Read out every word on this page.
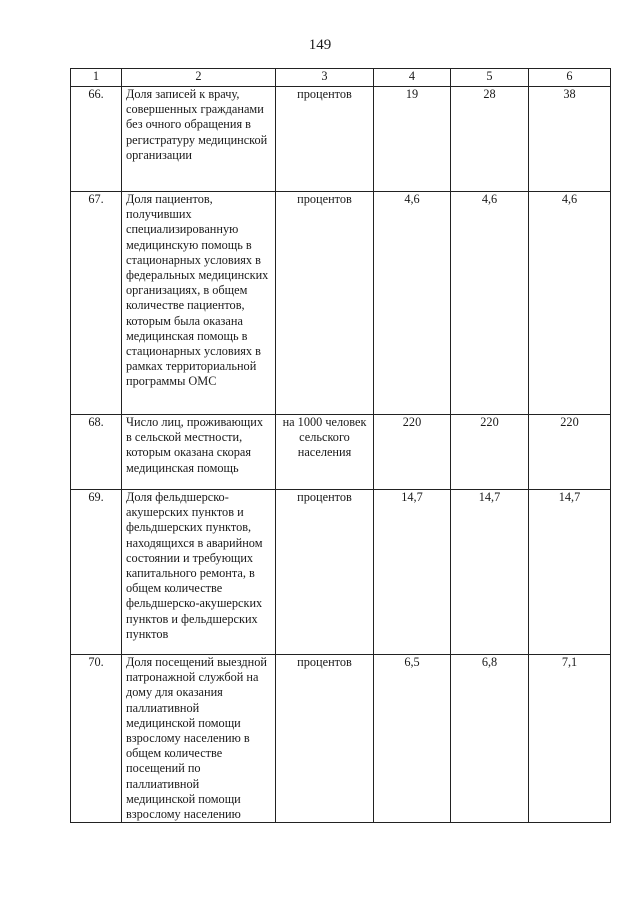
149
1	2	3	4	5	6
66.	Доля записей к врачу, совершенных гражданами без очного обращения в регистратуру медицинской организации	процентов	19	28	38
67.	Доля пациентов, получивших специализированную медицинскую помощь в стационарных условиях в федеральных медицинских организациях, в общем количестве пациентов, которым была оказана медицинская помощь в стационарных условиях в рамках территориальной программы ОМС	процентов	4,6	4,6	4,6
68.	Число лиц, проживающих в сельской местности, которым оказана скорая медицинская помощь	на 1000 человек сельского населения	220	220	220
69.	Доля фельдшерско-акушерских пунктов и фельдшерских пунктов, находящихся в аварийном состоянии и требующих капитального ремонта, в общем количестве фельдшерско-акушерских пунктов и фельдшерских пунктов	процентов	14,7	14,7	14,7
70.	Доля посещений выездной патронажной службой на дому для оказания паллиативной медицинской помощи взрослому населению в общем количестве посещений по паллиативной медицинской помощи взрослому населению	процентов	6,5	6,8	7,1
